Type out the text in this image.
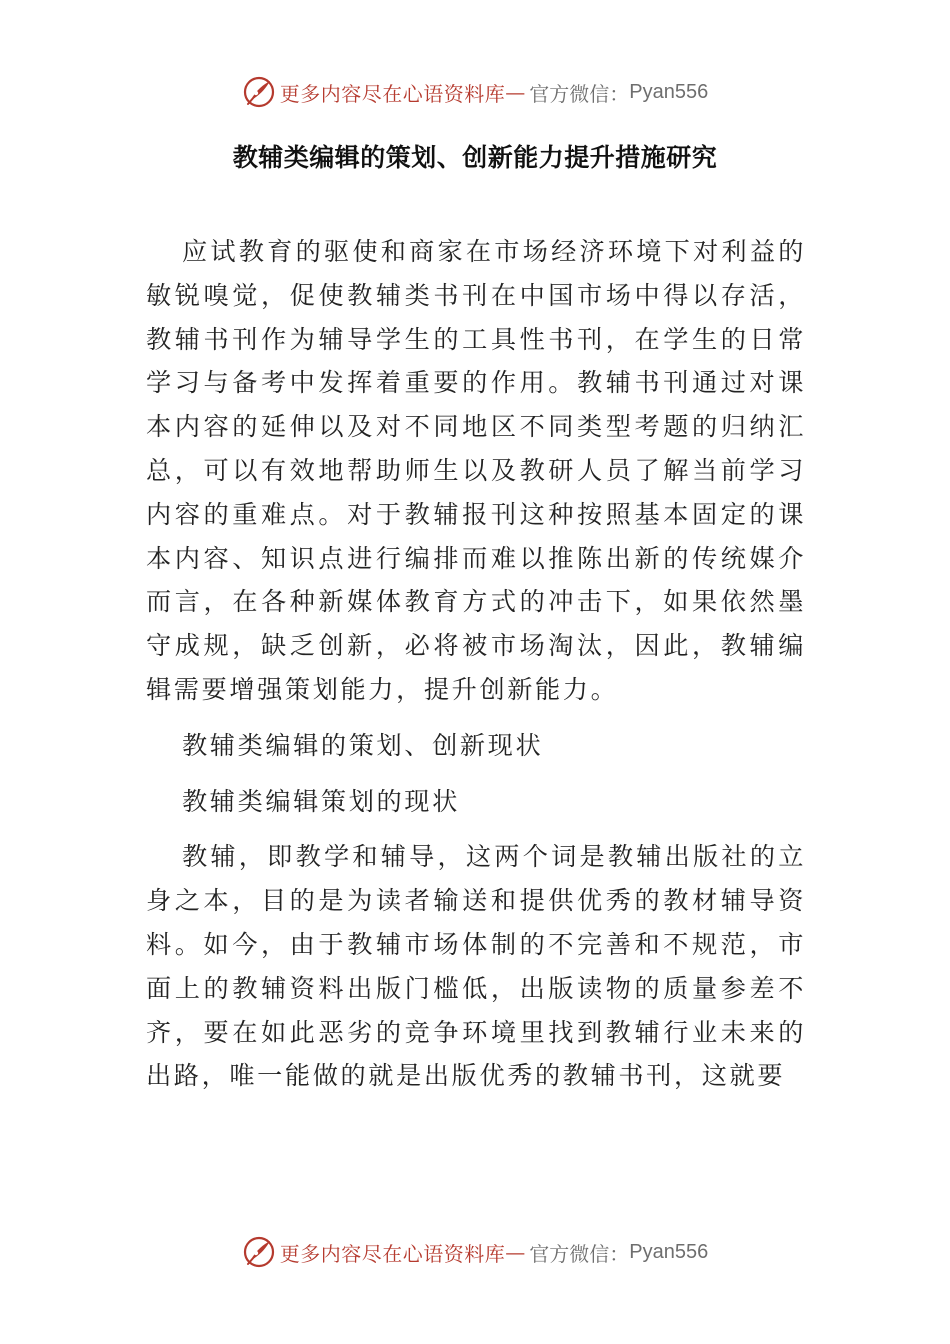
更多内容尽在心语资料库 — 官方微信： Pyan556
教辅类编辑的策划、创新能力提升措施研究

应试教育的驱使和商家在市场经济环境下对利益的敏锐嗅觉，促使教辅类书刊在中国市场中得以存活，教辅书刊作为辅导学生的工具性书刊，在学生的日常学习与备考中发挥着重要的作用。教辅书刊通过对课本内容的延伸以及对不同地区不同类型考题的归纳汇总，可以有效地帮助师生以及教研人员了解当前学习内容的重难点。对于教辅报刊这种按照基本固定的课本内容、知识点进行编排而难以推陈出新的传统媒介而言，在各种新媒体教育方式的冲击下，如果依然墨守成规，缺乏创新，必将被市场淘汰，因此，教辅编辑需要增强策划能力，提升创新能力。

教辅类编辑的策划、创新现状

教辅类编辑策划的现状

教辅，即教学和辅导，这两个词是教辅出版社的立身之本，目的是为读者输送和提供优秀的教材辅导资料。如今，由于教辅市场体制的不完善和不规范，市面上的教辅资料出版门槛低，出版读物的质量参差不齐，要在如此恶劣的竞争环境里找到教辅行业未来的出路，唯一能做的就是出版优秀的教辅书刊，这就要

更多内容尽在心语资料库 — 官方微信： Pyan556
